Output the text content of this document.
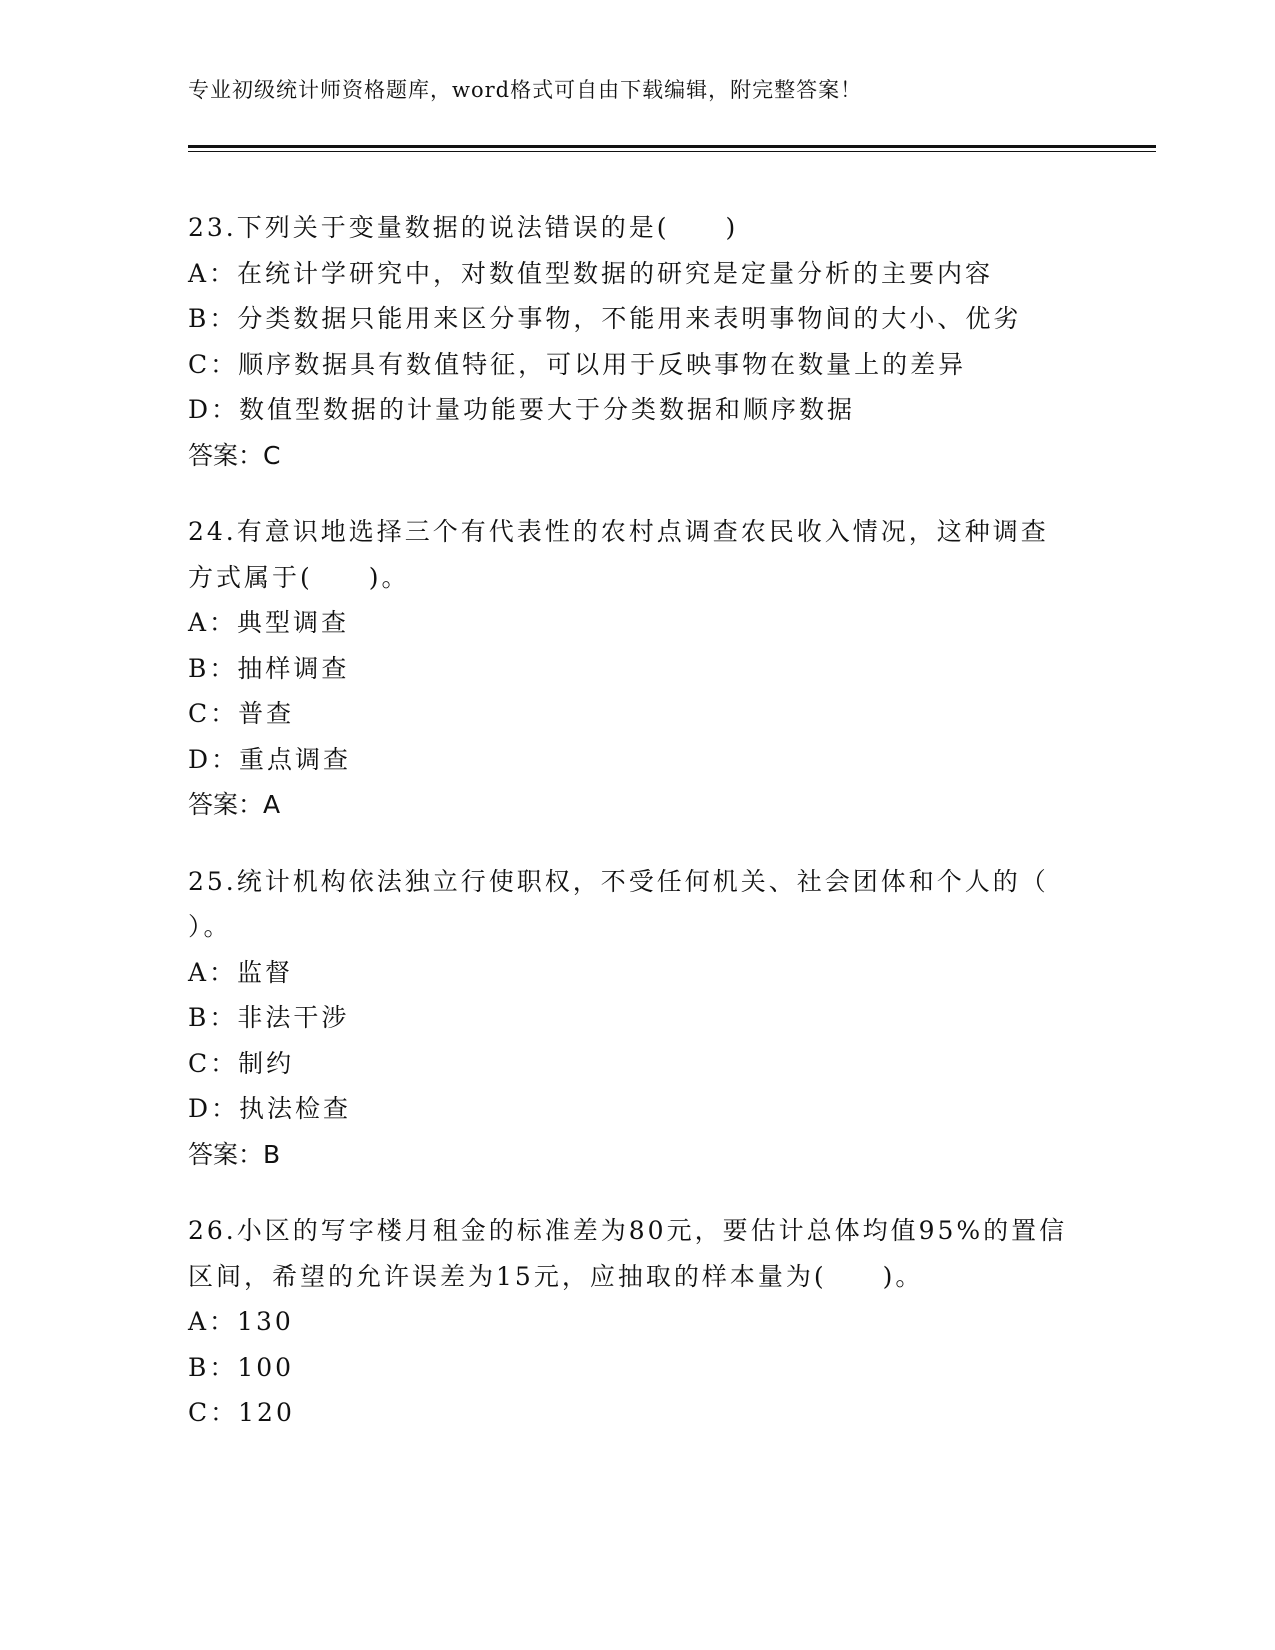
专业初级统计师资格题库，word格式可自由下载编辑，附完整答案！
23.下列关于变量数据的说法错误的是(　　)
A：在统计学研究中，对数值型数据的研究是定量分析的主要内容
B：分类数据只能用来区分事物，不能用来表明事物间的大小、优劣
C：顺序数据具有数值特征，可以用于反映事物在数量上的差异
D：数值型数据的计量功能要大于分类数据和顺序数据
答案：C
24.有意识地选择三个有代表性的农村点调查农民收入情况，这种调查
方式属于(　　)。
A：典型调查
B：抽样调查
C：普查
D：重点调查
答案：A
25.统计机构依法独立行使职权，不受任何机关、社会团体和个人的（
）。
A：监督
B：非法干涉
C：制约
D：执法检查
答案：B
26.小区的写字楼月租金的标准差为80元，要估计总体均值95%的置信
区间，希望的允许误差为15元，应抽取的样本量为(　　)。
A：130
B：100
C：120
